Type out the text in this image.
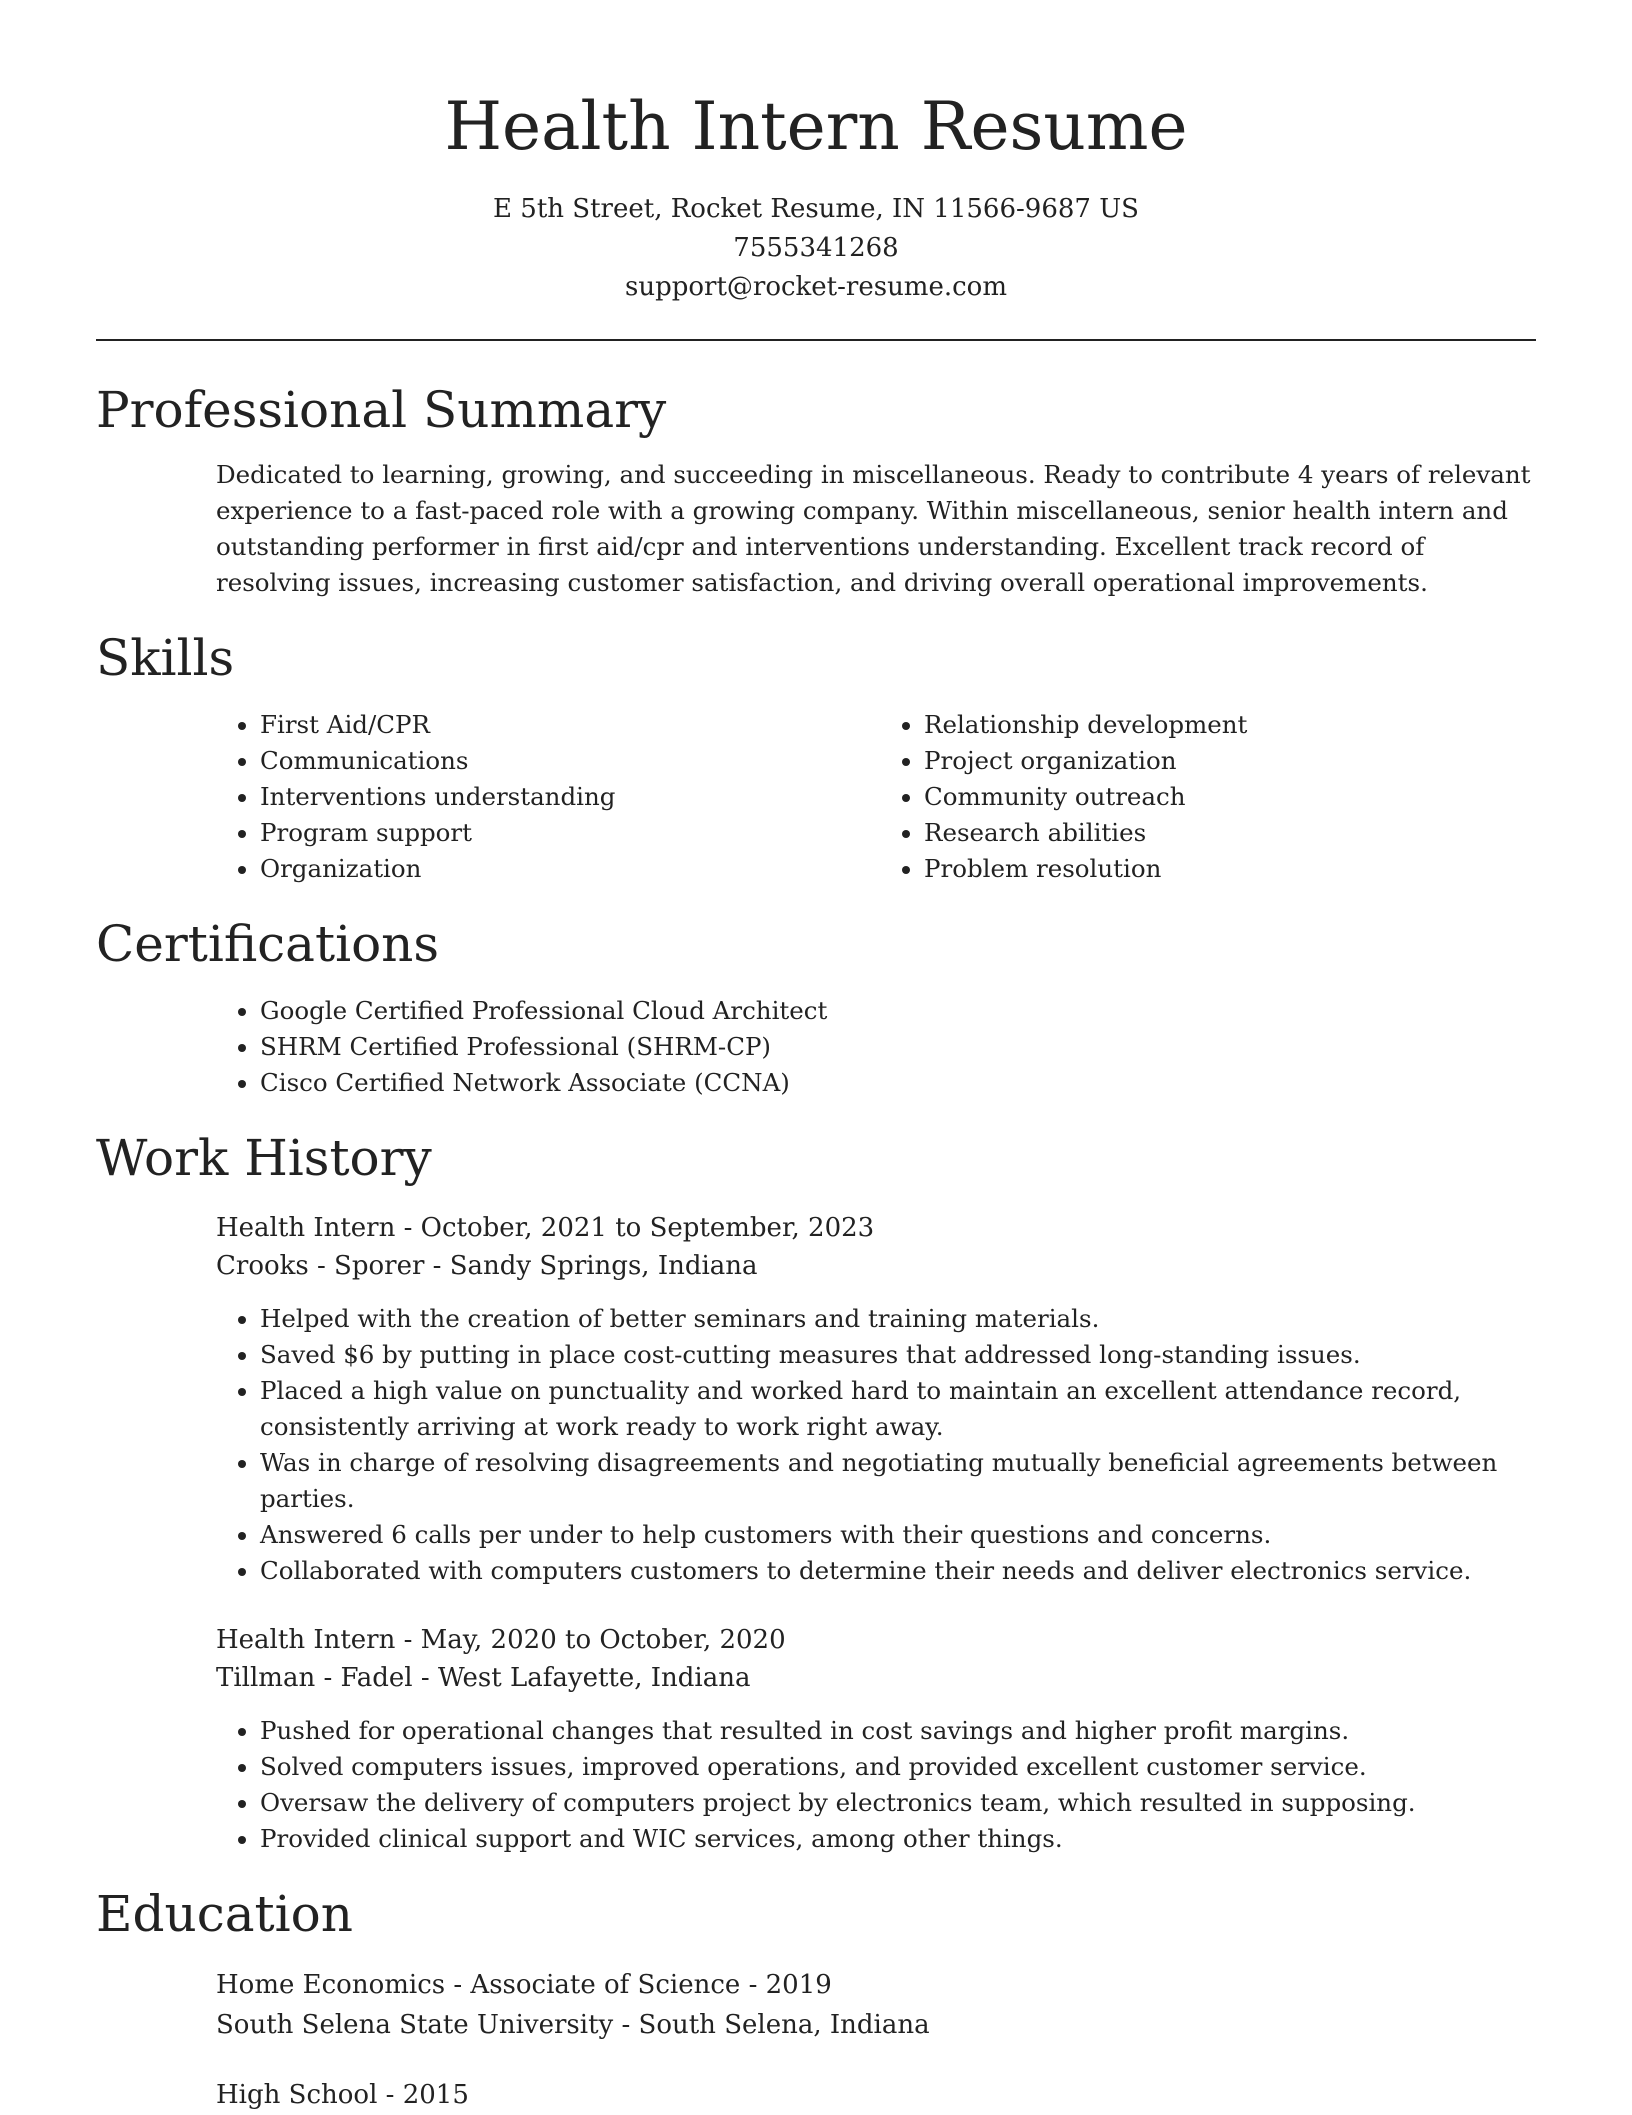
Health Intern Resume
E 5th Street, Rocket Resume, IN 11566-9687 US
7555341268
support@rocket-resume.com
Professional Summary

Dedicated to learning, growing, and succeeding in miscellaneous. Ready to contribute 4 years of relevant experience to a fast-paced role with a growing company. Within miscellaneous, senior health intern and outstanding performer in first aid/cpr and interventions understanding. Excellent track record of resolving issues, increasing customer satisfaction, and driving overall operational improvements.

Skills
• First Aid/CPR
• Communications
• Interventions understanding
• Program support
• Organization
• Relationship development
• Project organization
• Community outreach
• Research abilities
• Problem resolution
Certifications
• Google Certified Professional Cloud Architect
• SHRM Certified Professional (SHRM-CP)
• Cisco Certified Network Associate (CCNA)
Work History
Health Intern - October, 2021 to September, 2023
Crooks - Sporer - Sandy Springs, Indiana
• Helped with the creation of better seminars and training materials.
• Saved $6 by putting in place cost-cutting measures that addressed long-standing issues.
• Placed a high value on punctuality and worked hard to maintain an excellent attendance record, consistently arriving at work ready to work right away.
• Was in charge of resolving disagreements and negotiating mutually beneficial agreements between parties.
• Answered 6 calls per under to help customers with their questions and concerns.
• Collaborated with computers customers to determine their needs and deliver electronics service.
Health Intern - May, 2020 to October, 2020
Tillman - Fadel - West Lafayette, Indiana
• Pushed for operational changes that resulted in cost savings and higher profit margins.
• Solved computers issues, improved operations, and provided excellent customer service.
• Oversaw the delivery of computers project by electronics team, which resulted in supposing.
• Provided clinical support and WIC services, among other things.
Education
Home Economics - Associate of Science - 2019
South Selena State University - South Selena, Indiana
High School - 2015
